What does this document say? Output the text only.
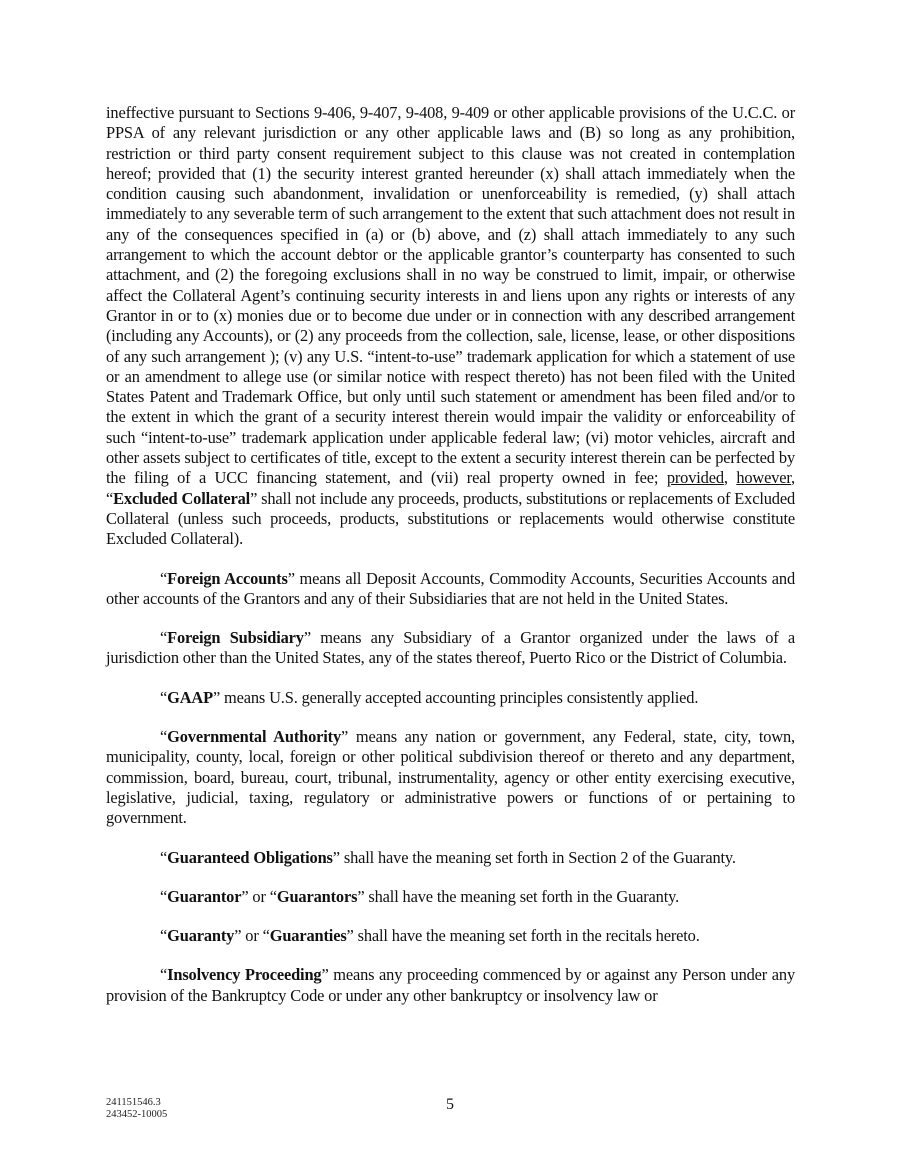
ineffective pursuant to Sections 9-406, 9-407, 9-408, 9-409 or other applicable provisions of the U.C.C. or PPSA of any relevant jurisdiction or any other applicable laws and (B) so long as any prohibition, restriction or third party consent requirement subject to this clause was not created in contemplation hereof; provided that (1) the security interest granted hereunder (x) shall attach immediately when the condition causing such abandonment, invalidation or unenforceability is remedied, (y) shall attach immediately to any severable term of such arrangement to the extent that such attachment does not result in any of the consequences specified in (a) or (b) above, and (z) shall attach immediately to any such arrangement to which the account debtor or the applicable grantor’s counterparty has consented to such attachment, and (2) the foregoing exclusions shall in no way be construed to limit, impair, or otherwise affect the Collateral Agent’s continuing security interests in and liens upon any rights or interests of any Grantor in or to (x) monies due or to become due under or in connection with any described arrangement (including any Accounts), or (2) any proceeds from the collection, sale, license, lease, or other dispositions of any such arrangement ); (v) any U.S. “intent-to-use” trademark application for which a statement of use or an amendment to allege use (or similar notice with respect thereto) has not been filed with the United States Patent and Trademark Office, but only until such statement or amendment has been filed and/or to the extent in which the grant of a security interest therein would impair the validity or enforceability of such “intent-to-use” trademark application under applicable federal law; (vi) motor vehicles, aircraft and other assets subject to certificates of title, except to the extent a security interest therein can be perfected by the filing of a UCC financing statement, and (vii) real property owned in fee; provided, however, “Excluded Collateral” shall not include any proceeds, products, substitutions or replacements of Excluded Collateral (unless such proceeds, products, substitutions or replacements would otherwise constitute Excluded Collateral).

“Foreign Accounts” means all Deposit Accounts, Commodity Accounts, Securities Accounts and other accounts of the Grantors and any of their Subsidiaries that are not held in the United States.

“Foreign Subsidiary” means any Subsidiary of a Grantor organized under the laws of a jurisdiction other than the United States, any of the states thereof, Puerto Rico or the District of Columbia.

“GAAP” means U.S. generally accepted accounting principles consistently applied.

“Governmental Authority” means any nation or government, any Federal, state, city, town, municipality, county, local, foreign or other political subdivision thereof or thereto and any department, commission, board, bureau, court, tribunal, instrumentality, agency or other entity exercising executive, legislative, judicial, taxing, regulatory or administrative powers or functions of or pertaining to government.

“Guaranteed Obligations” shall have the meaning set forth in Section 2 of the Guaranty.

“Guarantor” or “Guarantors” shall have the meaning set forth in the Guaranty.

“Guaranty” or “Guaranties” shall have the meaning set forth in the recitals hereto.

“Insolvency Proceeding” means any proceeding commenced by or against any Person under any provision of the Bankruptcy Code or under any other bankruptcy or insolvency law or

241151546.3
243452-10005
5
